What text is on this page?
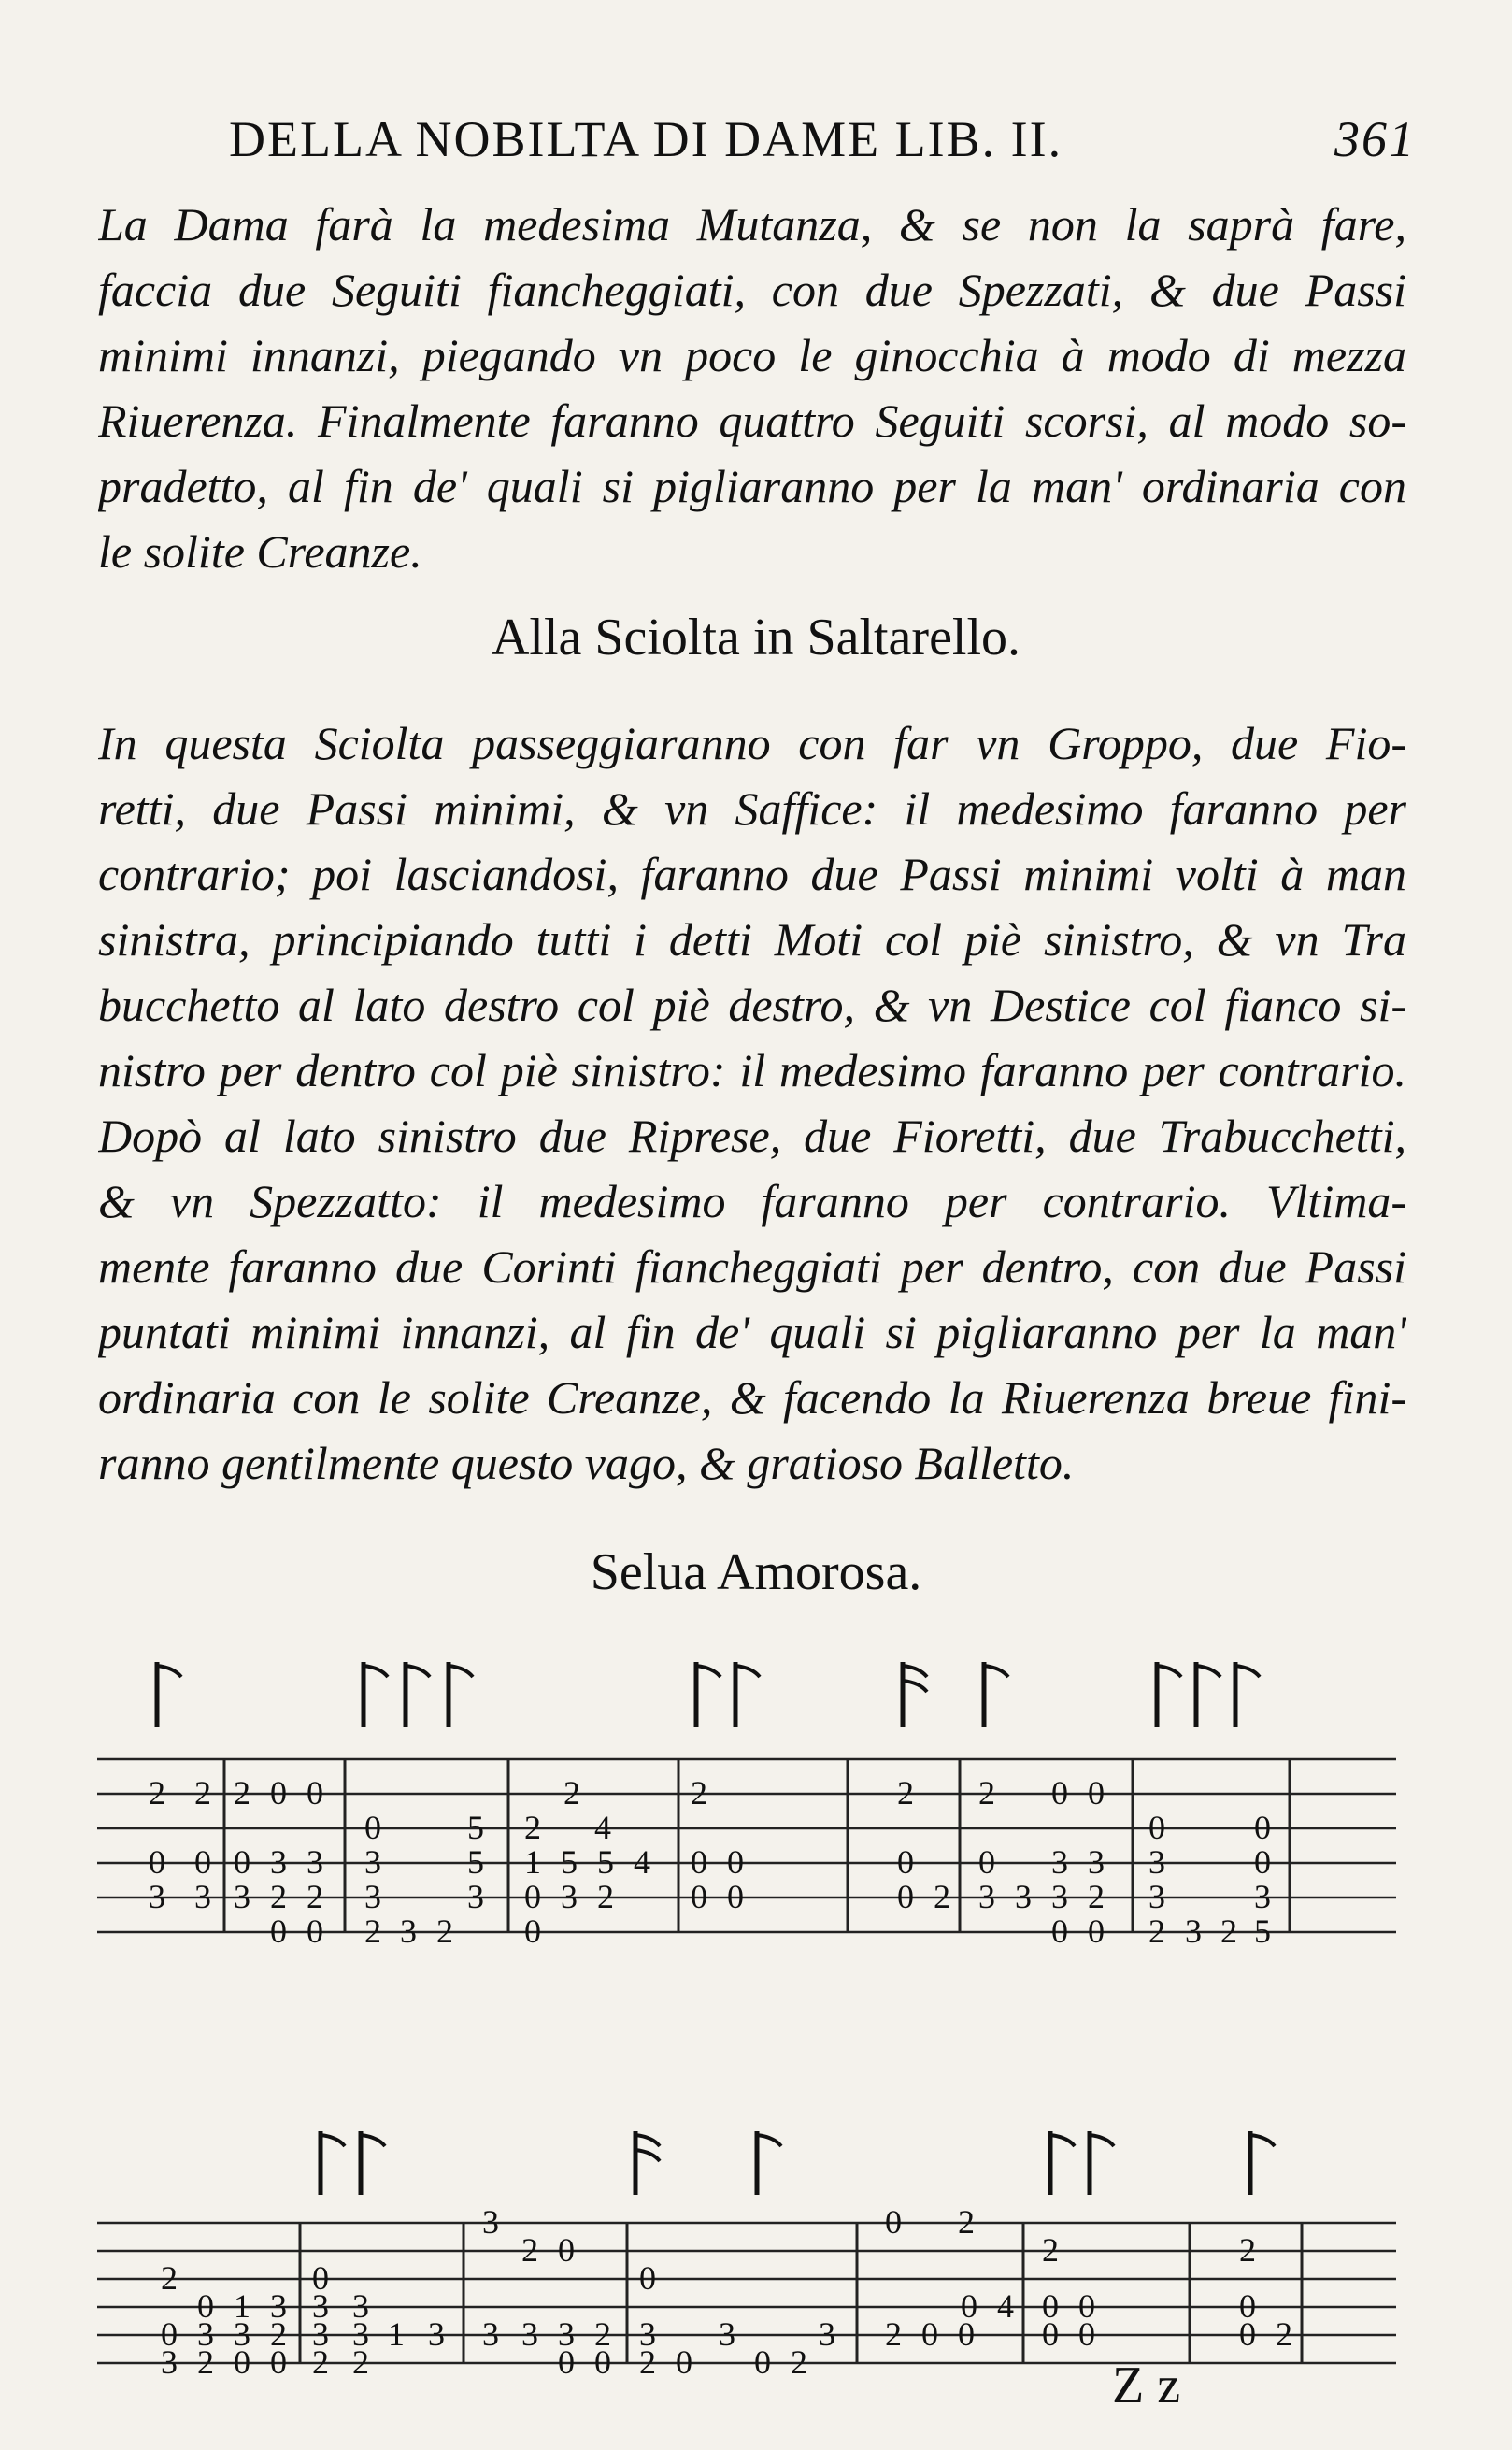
DELLA NOBILTA DI DAME LIB. II.	361
La Dama farà la medesima Mutanza, & se non la saprà fare,
faccia due Seguiti fiancheggiati, con due Spezzati, & due Passi
minimi innanzi, piegando vn poco le ginocchia à modo di mezza
Riuerenza. Finalmente faranno quattro Seguiti scorsi, al modo so-
pradetto, al fin de' quali si pigliaranno per la man' ordinaria con
le solite Creanze.
Alla Sciolta in Saltarello.
In questa Sciolta passeggiaranno con far vn Groppo, due Fio-
retti, due Passi minimi, & vn Saffice: il medesimo faranno per
contrario; poi lasciandosi, faranno due Passi minimi volti à man
sinistra, principiando tutti i detti Moti col piè sinistro, & vn Tra
bucchetto al lato destro col piè destro, & vn Destice col fianco si-
nistro per dentro col piè sinistro: il medesimo faranno per contrario.
Dopò al lato sinistro due Riprese, due Fioretti, due Trabucchetti,
& vn Spezzatto: il medesimo faranno per contrario. Vltima-
mente faranno due Corinti fiancheggiati per dentro, con due Passi
puntati minimi innanzi, al fin de' quali si pigliaranno per la man'
ordinaria con le solite Creanze, & facendo la Riuerenza breue fini-
ranno gentilmente questo vago, & gratioso Balletto.
Selua Amorosa.
2 2 2 0 0
0 0 0 3 3
3 3 3 2 2
0 0
0	5
3	5
3	3
2 3 2
2
2 4
1 5 5 4
0 3 2
0
2
0 0
0 0
2
0
0 2
2 0 0
0 3 3
3 3 3 2
0 0
0	0
3	0
3	3
2 3 2 5
2
0 1 3
0 3 3 2
3 2 0 0
0
3 3
3 3 1 3
2 2
3
2 0
3 3 3 2
0 0
0
3 3 3
2 0 0 2
0 2
0 4
2 0 0
2
0 0
0 0
2
0
0 2
Z z
